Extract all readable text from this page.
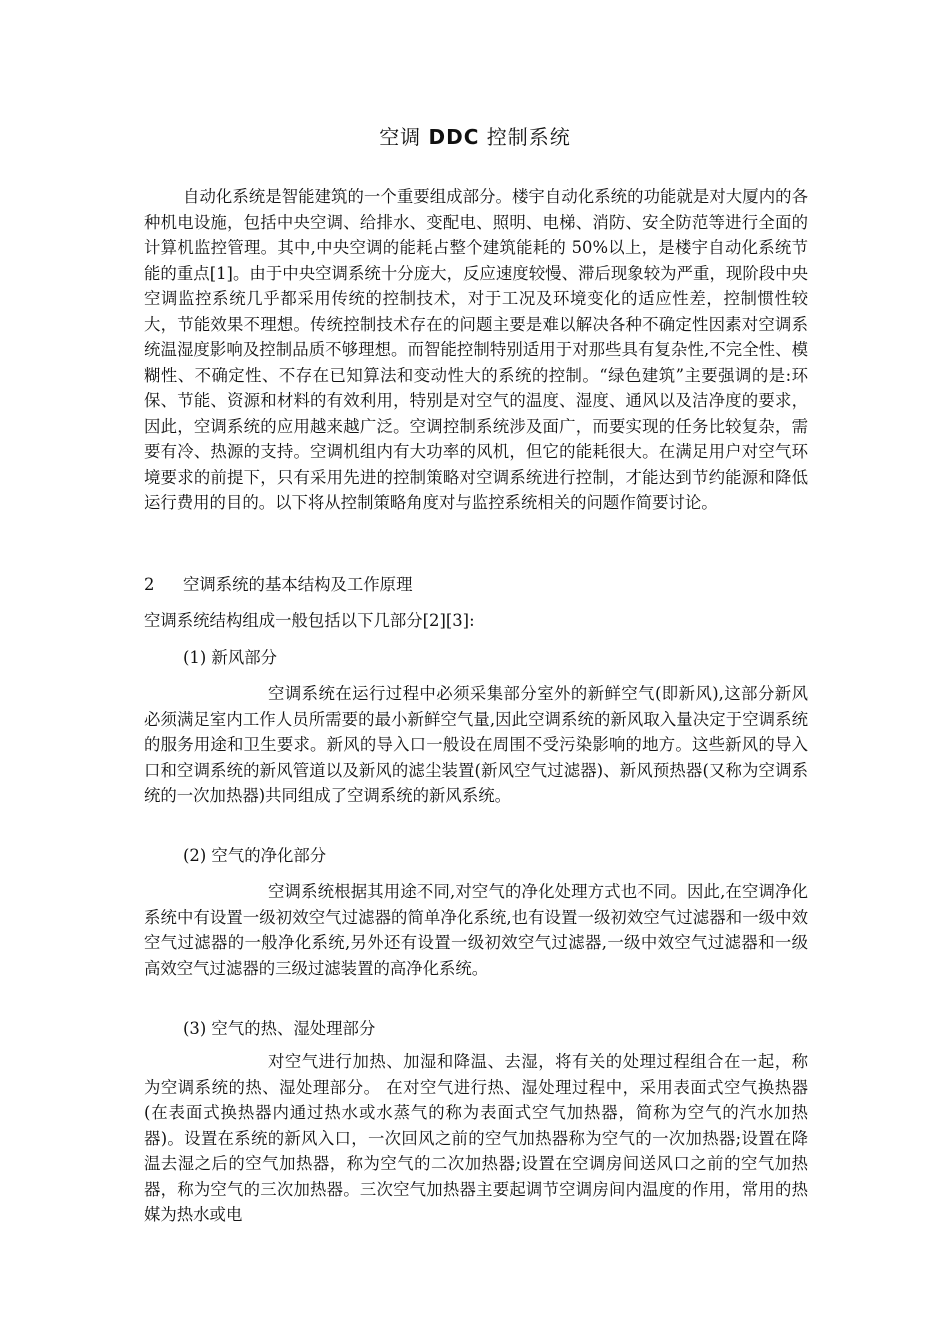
空调 DDC 控制系统

自动化系统是智能建筑的一个重要组成部分。楼宇自动化系统的功能就是对大厦内的各种机电设施，包括中央空调、给排水、变配电、照明、电梯、消防、安全防范等进行全面的计算机监控管理。其中,中央空调的能耗占整个建筑能耗的 50%以上，是楼宇自动化系统节能的重点[1]。由于中央空调系统十分庞大，反应速度较慢、滞后现象较为严重，现阶段中央空调监控系统几乎都采用传统的控制技术，对于工况及环境变化的适应性差，控制惯性较大，节能效果不理想。传统控制技术存在的问题主要是难以解决各种不确定性因素对空调系统温湿度影响及控制品质不够理想。而智能控制特别适用于对那些具有复杂性,不完全性、模糊性、不确定性、不存在已知算法和变动性大的系统的控制。“绿色建筑”主要强调的是:环保、节能、资源和材料的有效利用，特别是对空气的温度、湿度、通风以及洁净度的要求，因此，空调系统的应用越来越广泛。空调控制系统涉及面广，而要实现的任务比较复杂，需要有冷、热源的支持。空调机组内有大功率的风机，但它的能耗很大。在满足用户对空气环境要求的前提下，只有采用先进的控制策略对空调系统进行控制，才能达到节约能源和降低运行费用的目的。以下将从控制策略角度对与监控系统相关的问题作简要讨论。

2 空调系统的基本结构及工作原理

空调系统结构组成一般包括以下几部分[2][3]:

(1) 新风部分

空调系统在运行过程中必须采集部分室外的新鲜空气(即新风),这部分新风必须满足室内工作人员所需要的最小新鲜空气量,因此空调系统的新风取入量决定于空调系统的服务用途和卫生要求。新风的导入口一般设在周围不受污染影响的地方。这些新风的导入口和空调系统的新风管道以及新风的滤尘装置(新风空气过滤器)、新风预热器(又称为空调系统的一次加热器)共同组成了空调系统的新风系统。

(2) 空气的净化部分

空调系统根据其用途不同,对空气的净化处理方式也不同。因此,在空调净化系统中有设置一级初效空气过滤器的简单净化系统,也有设置一级初效空气过滤器和一级中效空气过滤器的一般净化系统,另外还有设置一级初效空气过滤器,一级中效空气过滤器和一级高效空气过滤器的三级过滤装置的高净化系统。

(3) 空气的热、湿处理部分

对空气进行加热、加湿和降温、去湿，将有关的处理过程组合在一起，称为空调系统的热、湿处理部分。 在对空气进行热、湿处理过程中，采用表面式空气换热器(在表面式换热器内通过热水或水蒸气的称为表面式空气加热器，简称为空气的汽水加热器)。设置在系统的新风入口，一次回风之前的空气加热器称为空气的一次加热器;设置在降温去湿之后的空气加热器，称为空气的二次加热器;设置在空调房间送风口之前的空气加热器，称为空气的三次加热器。三次空气加热器主要起调节空调房间内温度的作用，常用的热媒为热水或电
